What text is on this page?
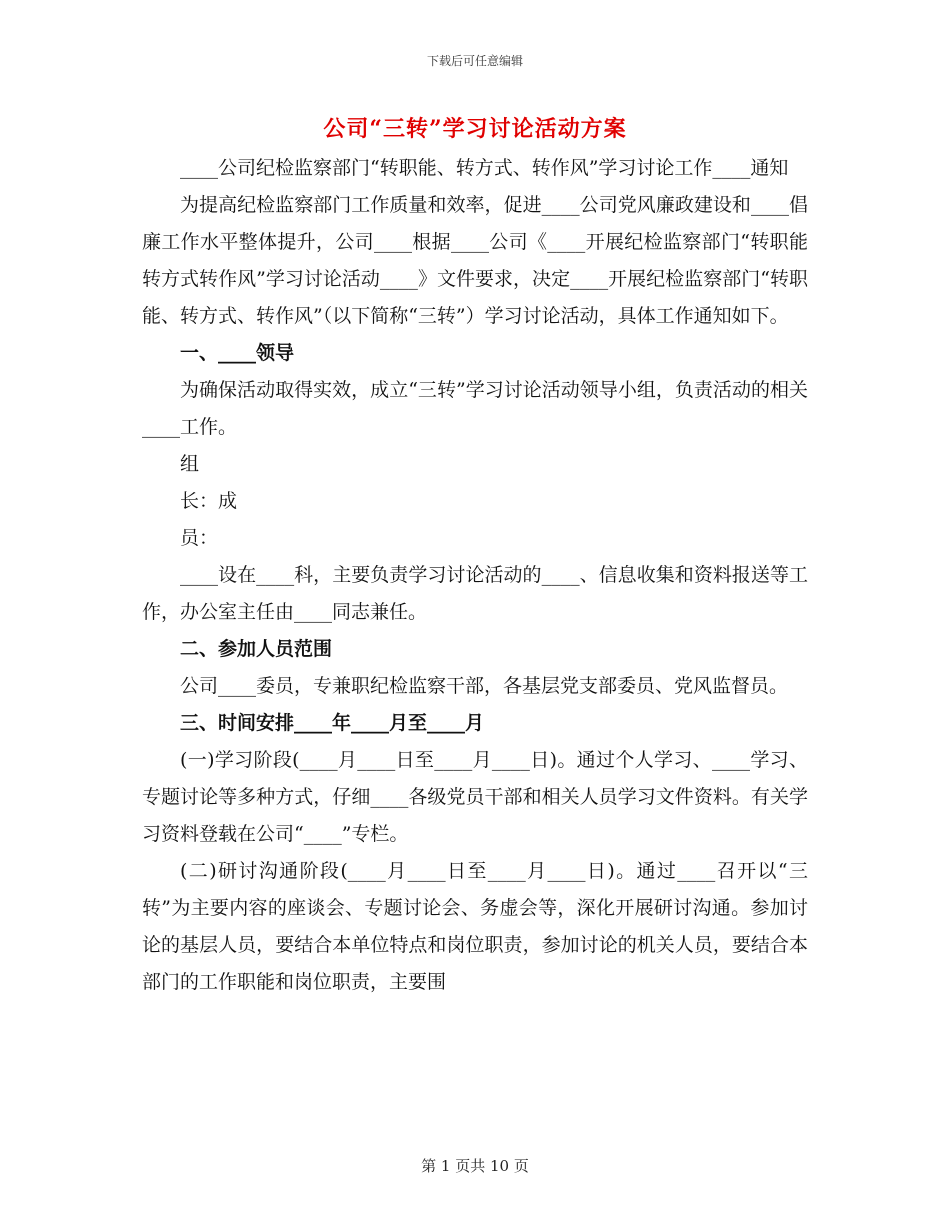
下载后可任意编辑
公司“三转”学习讨论活动方案

____公司纪检监察部门“转职能、转方式、转作风”学习讨论工作____通知

为提高纪检监察部门工作质量和效率，促进____公司党风廉政建设和____倡廉工作水平整体提升，公司____根据____公司《____开展纪检监察部门“转职能转方式转作风”学习讨论活动____》文件要求，决定____开展纪检监察部门“转职能、转方式、转作风”（以下简称“三转”）学习讨论活动，具体工作通知如下。

一、____领导

为确保活动取得实效，成立“三转”学习讨论活动领导小组，负责活动的相关____工作。

组

长：成

员：

____设在____科，主要负责学习讨论活动的____、信息收集和资料报送等工作，办公室主任由____同志兼任。

二、参加人员范围

公司____委员，专兼职纪检监察干部，各基层党支部委员、党风监督员。

三、时间安排____年____月至____月

(一)学习阶段(____月____日至____月____日)。通过个人学习、____学习、专题讨论等多种方式，仔细____各级党员干部和相关人员学习文件资料。有关学习资料登载在公司“____”专栏。

(二)研讨沟通阶段(____月____日至____月____日)。通过____召开以“三转”为主要内容的座谈会、专题讨论会、务虚会等，深化开展研讨沟通。参加讨论的基层人员，要结合本单位特点和岗位职责，参加讨论的机关人员，要结合本部门的工作职能和岗位职责，主要围

第 1 页共 10 页
